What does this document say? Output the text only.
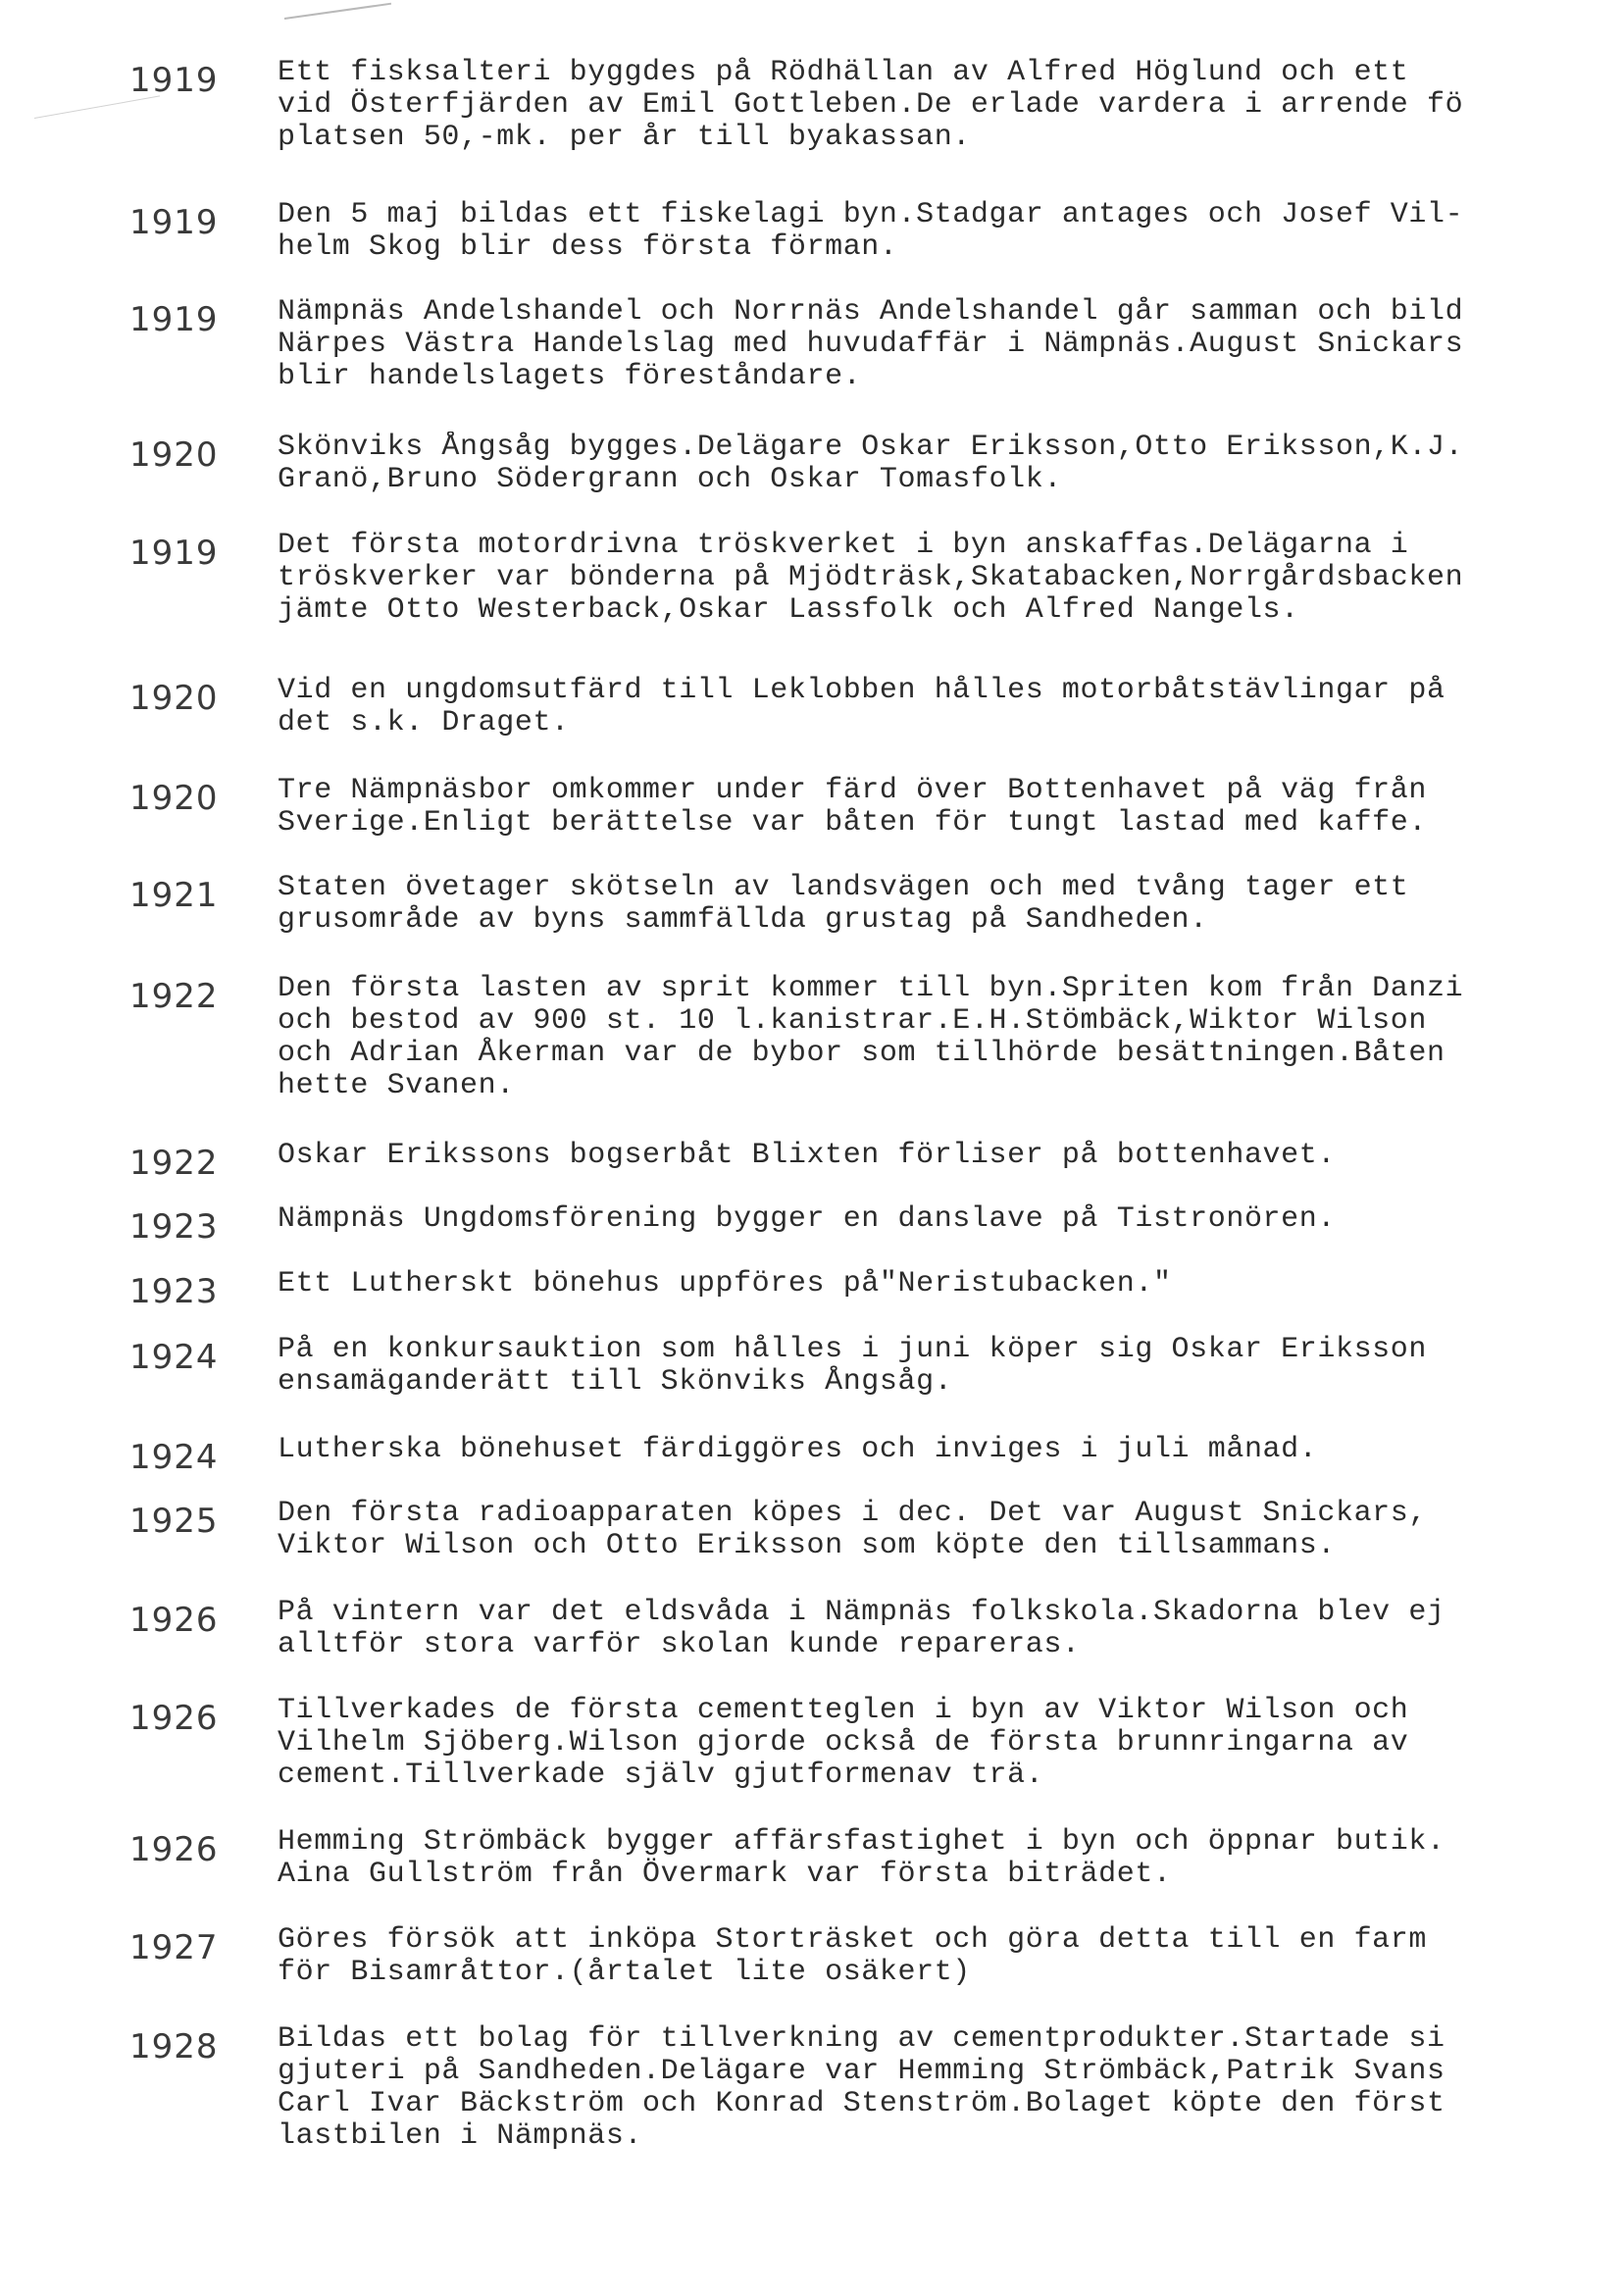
1919	Ett fisksalteri byggdes på Rödhällan av Alfred Höglund och ett
vid Österfjärden av Emil Gottleben.De erlade vardera i arrende fö
platsen 50,-mk. per år till byakassan.
1919	Den 5 maj bildas ett fiskelagi byn.Stadgar antages och Josef Vil-
helm Skog blir dess första förman.
1919	Nämpnäs Andelshandel och Norrnäs Andelshandel går samman och bild
Närpes Västra Handelslag med huvudaffär i Nämpnäs.August Snickars
blir handelslagets föreståndare.
1920	Skönviks Ångsåg bygges.Delägare Oskar Eriksson,Otto Eriksson,K.J.
Granö,Bruno Södergrann och Oskar Tomasfolk.
1919	Det första motordrivna tröskverket i byn anskaffas.Delägarna i
tröskverker var bönderna på Mjödträsk,Skatabacken,Norrgårdsbacken
jämte Otto Westerback,Oskar Lassfolk och Alfred Nangels.
1920	Vid en ungdomsutfärd till Leklobben hålles motorbåtstävlingar på
det s.k. Draget.
1920	Tre Nämpnäsbor omkommer under färd över Bottenhavet på väg från
Sverige.Enligt berättelse var båten för tungt lastad med kaffe.
1921	Staten övetager skötseln av landsvägen och med tvång tager ett
grusområde av byns sammfällda grustag på Sandheden.
1922	Den första lasten av sprit kommer till byn.Spriten kom från Danzi
och bestod av 900 st. 10 l.kanistrar.E.H.Stömbäck,Wiktor Wilson
och Adrian Åkerman var de bybor som tillhörde besättningen.Båten
hette Svanen.
1922	Oskar Erikssons bogserbåt Blixten förliser på bottenhavet.
1923	Nämpnäs Ungdomsförening bygger en danslave på Tistronören.
1923	Ett Lutherskt bönehus uppföres på"Neristubacken."
1924	På en konkursauktion som hålles i juni köper sig Oskar Eriksson
ensamäganderätt till Skönviks Ångsåg.
1924	Lutherska bönehuset färdiggöres och inviges i juli månad.
1925	Den första radioapparaten köpes i dec. Det var August Snickars,
Viktor Wilson och Otto Eriksson som köpte den tillsammans.
1926	På vintern var det eldsvåda i Nämpnäs folkskola.Skadorna blev ej
alltför stora varför skolan kunde repareras.
1926	Tillverkades de första cementteglen i byn av Viktor Wilson och
Vilhelm Sjöberg.Wilson gjorde också de första brunnringarna av
cement.Tillverkade själv gjutformenav trä.
1926	Hemming Strömbäck bygger affärsfastighet i byn och öppnar butik.
Aina Gullström från Övermark var första biträdet.
1927	Göres försök att inköpa Storträsket och göra detta till en farm
för Bisamråttor.(årtalet lite osäkert)
1928	Bildas ett bolag för tillverkning av cementprodukter.Startade si
gjuteri på Sandheden.Delägare var Hemming Strömbäck,Patrik Svans
Carl Ivar Bäckström och Konrad Stenström.Bolaget köpte den först
lastbilen i Nämpnäs.
